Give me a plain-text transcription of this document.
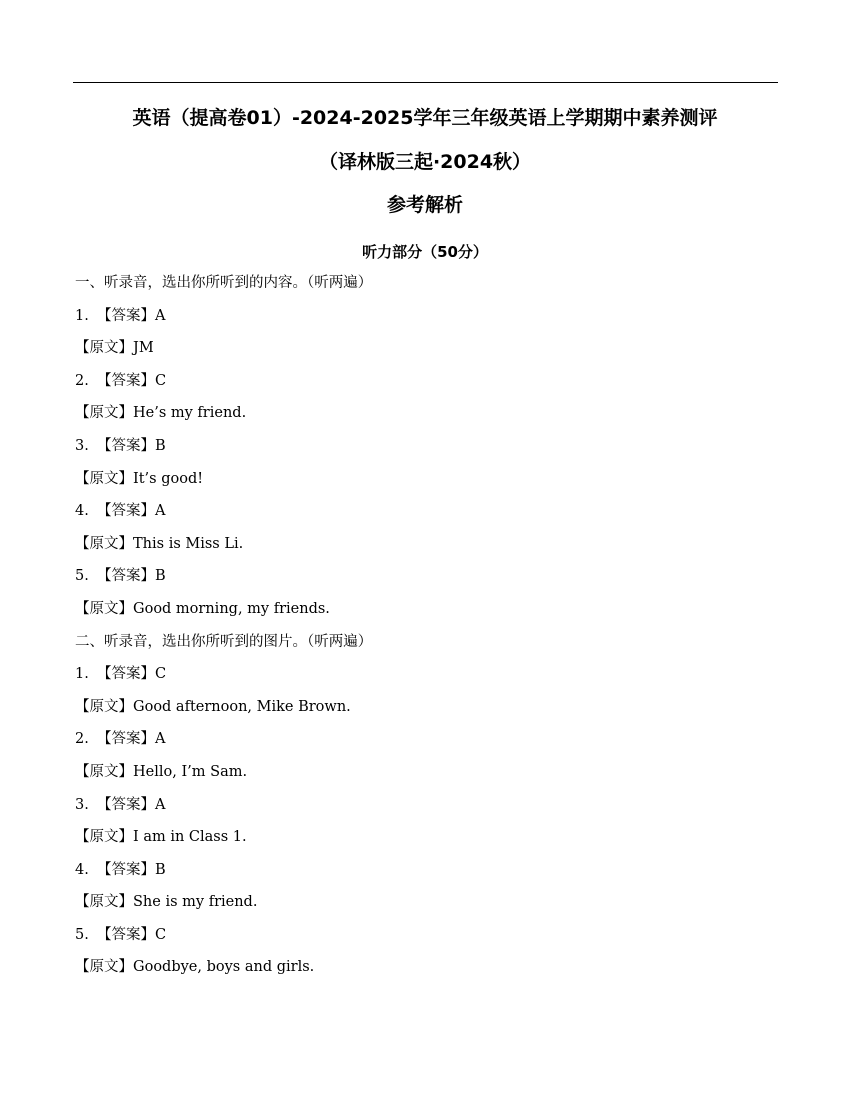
英语（提高卷01）-2024-2025学年三年级英语上学期期中素养测评
（译林版三起·2024秋）
参考解析
听力部分（50分）
一、听录音，选出你所听到的内容。（听两遍）
1. 【答案】A
【原文】JM
2. 【答案】C
【原文】He’s my friend.
3. 【答案】B
【原文】It’s good!
4. 【答案】A
【原文】This is Miss Li.
5. 【答案】B
【原文】Good morning, my friends.
二、听录音，选出你所听到的图片。（听两遍）
1. 【答案】C
【原文】Good afternoon, Mike Brown.
2. 【答案】A
【原文】Hello, I’m Sam.
3. 【答案】A
【原文】I am in Class 1.
4. 【答案】B
【原文】She is my friend.
5. 【答案】C
【原文】Goodbye, boys and girls.
